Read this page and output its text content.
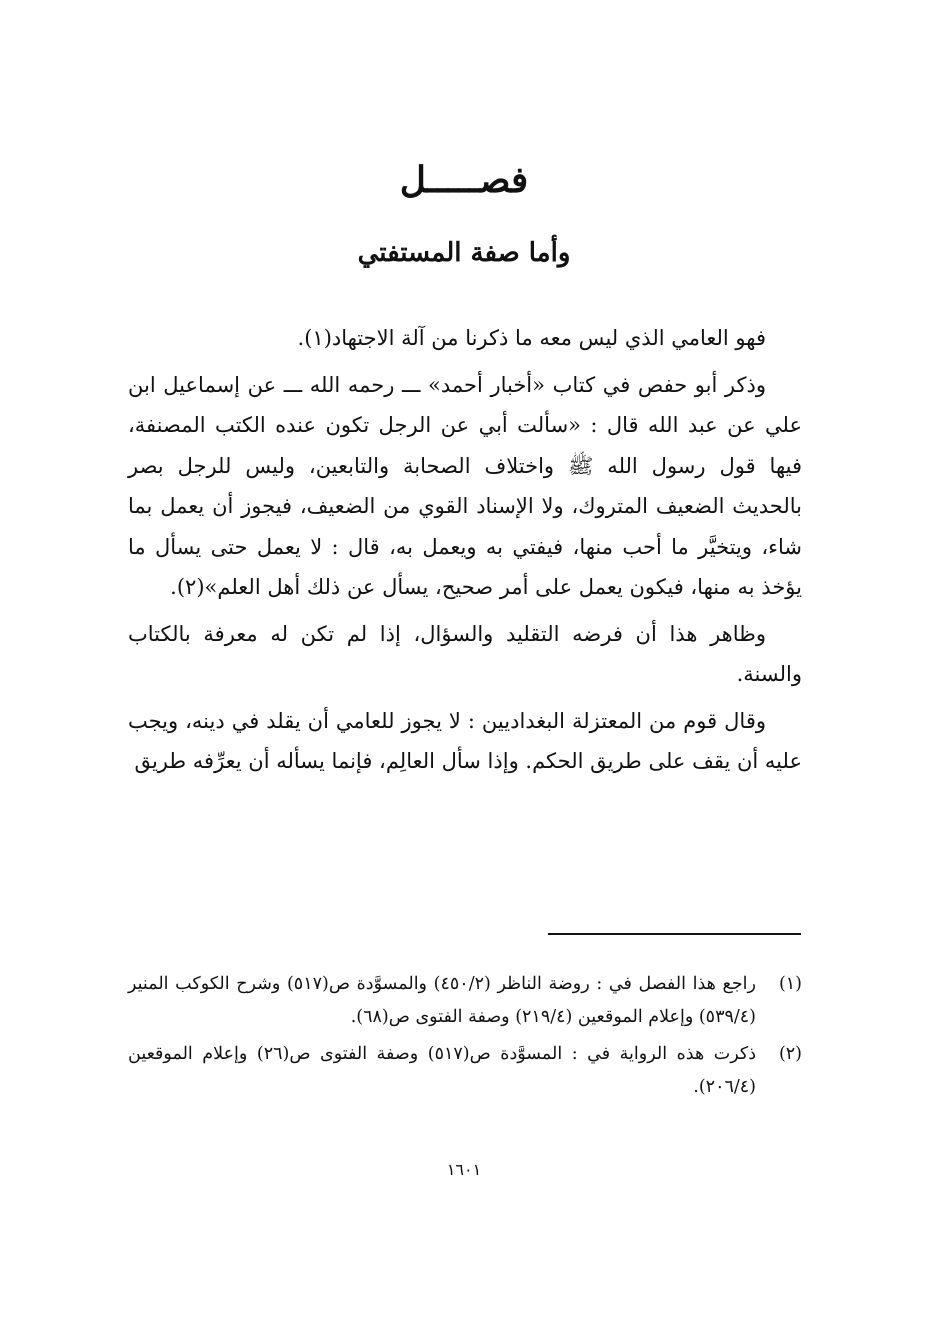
فصـــــل
وأما صفة المستفتي

فهو العامي الذي ليس معه ما ذكرنا من آلة الاجتهاد(١).

وذكر أبو حفص في كتاب «أخبار أحمد» ـــ رحمه الله ـــ عن إسماعيل ابن علي عن عبد الله قال : «سألت أبي عن الرجل تكون عنده الكتب المصنفة، فيها قول رسول الله ﷺ واختلاف الصحابة والتابعين، وليس للرجل بصر بالحديث الضعيف المتروك، ولا الإسناد القوي من الضعيف، فيجوز أن يعمل بما شاء، ويتخيَّر ما أحب منها، فيفتي به ويعمل به، قال : لا يعمل حتى يسأل ما يؤخذ به منها، فيكون يعمل على أمر صحيح، يسأل عن ذلك أهل العلم»(٢).

وظاهر هذا أن فرضه التقليد والسؤال، إذا لم تكن له معرفة بالكتاب والسنة.

وقال قوم من المعتزلة البغداديين : لا يجوز للعامي أن يقلد في دينه، ويجب عليه أن يقف على طريق الحكم. وإذا سأل العالِم، فإنما يسأله أن يعرِّفه طريق

(١)
راجع هذا الفصل في : روضة الناظر (٤٥٠/٢) والمسوَّدة ص(٥١٧) وشرح الكوكب المنير (٥٣٩/٤) وإعلام الموقعين (٢١٩/٤) وصفة الفتوى ص(٦٨).
(٢)
ذكرت هذه الرواية في : المسوَّدة ص(٥١٧) وصفة الفتوى ص(٢٦) وإعلام الموقعين (٢٠٦/٤).
١٦٠١
